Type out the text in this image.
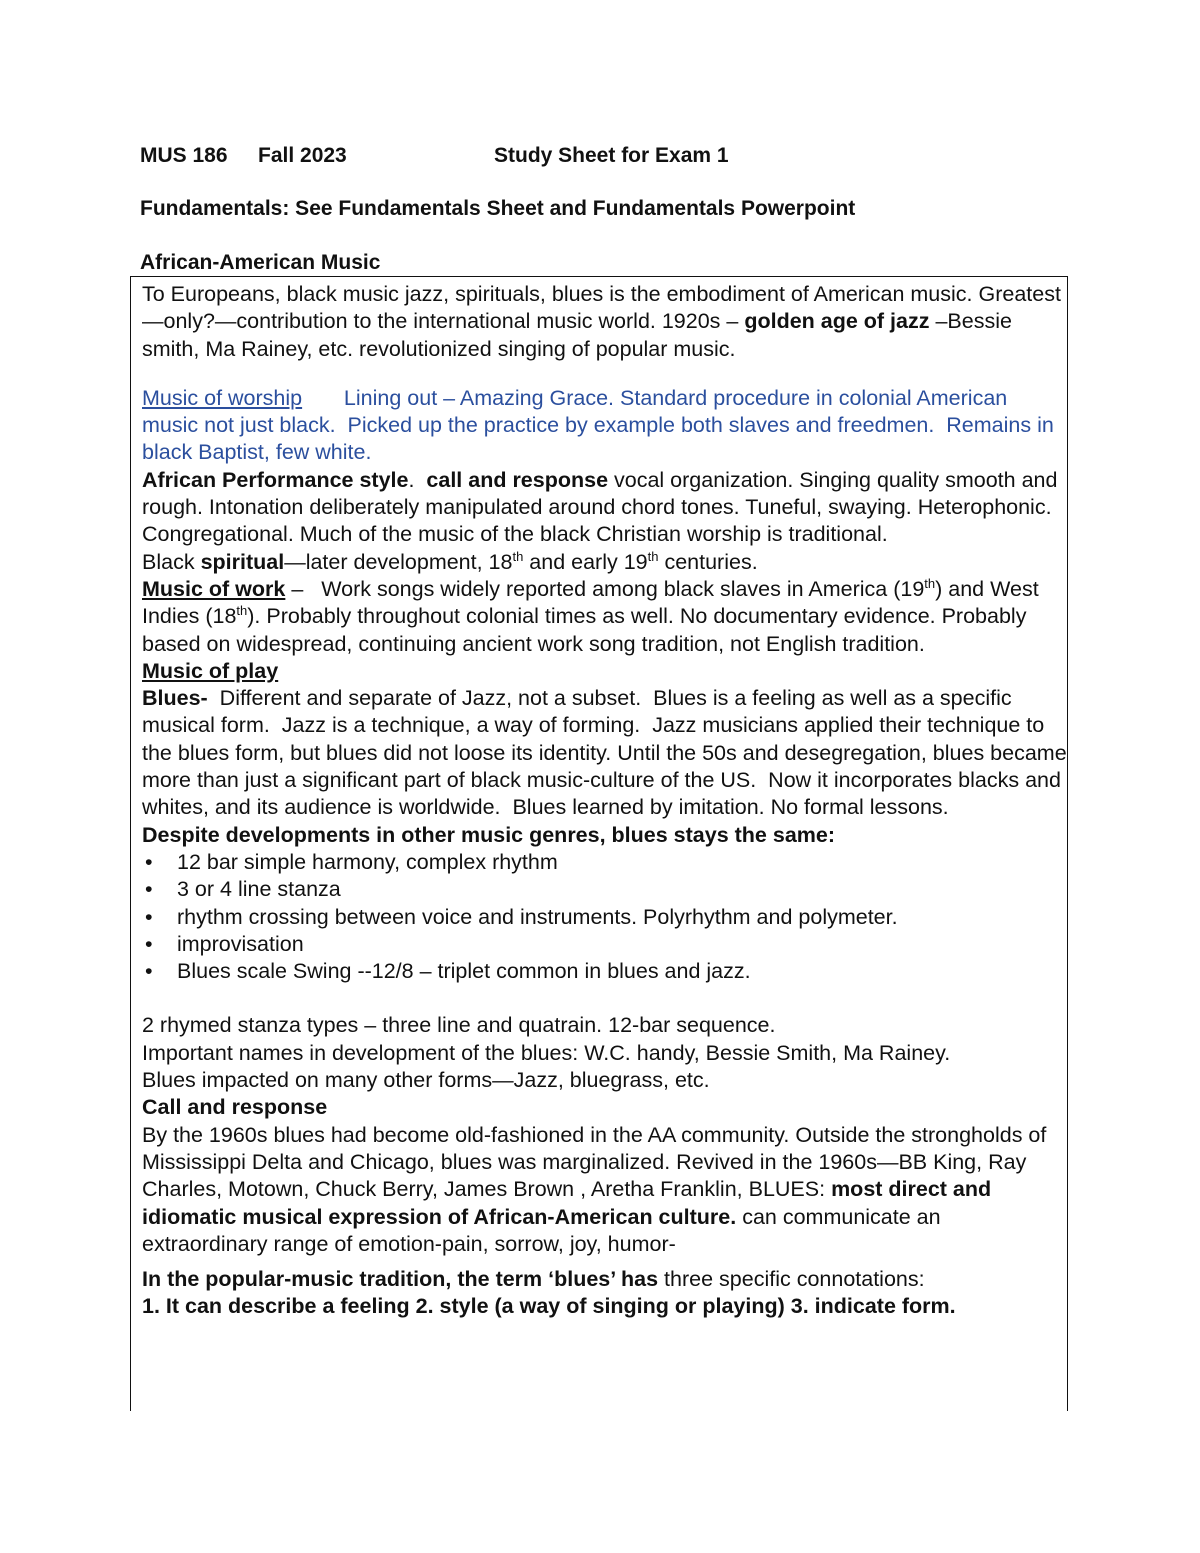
MUS 186 Fall 2023	Study Sheet for Exam 1
Fundamentals: See Fundamentals Sheet and Fundamentals Powerpoint
African-American Music

To Europeans, black music jazz, spirituals, blues is the embodiment of American music. Greatest—only?—contribution to the international music world. 1920s – golden age of jazz –Bessie smith, Ma Rainey, etc. revolutionized singing of popular music.

Music of worship       Lining out – Amazing Grace. Standard procedure in colonial American music not just black.  Picked up the practice by example both slaves and freedmen.  Remains in black Baptist, few white.

African Performance style.  call and response vocal organization. Singing quality smooth and rough. Intonation deliberately manipulated around chord tones. Tuneful, swaying. Heterophonic. Congregational. Much of the music of the black Christian worship is traditional.

Black spiritual—later development, 18th and early 19th centuries.

Music of work –   Work songs widely reported among black slaves in America (19th) and West Indies (18th). Probably throughout colonial times as well. No documentary evidence. Probably based on widespread, continuing ancient work song tradition, not English tradition.

Music of play

Blues-  Different and separate of Jazz, not a subset.  Blues is a feeling as well as a specific musical form.  Jazz is a technique, a way of forming.  Jazz musicians applied their technique to the blues form, but blues did not loose its identity. Until the 50s and desegregation, blues became more than just a significant part of black music-culture of the US.  Now it incorporates blacks and whites, and its audience is worldwide.  Blues learned by imitation. No formal lessons.

Despite developments in other music genres, blues stays the same:

• 12 bar simple harmony, complex rhythm
• 3 or 4 line stanza
• rhythm crossing between voice and instruments. Polyrhythm and polymeter.
• improvisation
• Blues scale Swing --12/8 – triplet common in blues and jazz.

2 rhymed stanza types – three line and quatrain. 12-bar sequence.

Important names in development of the blues: W.C. handy, Bessie Smith, Ma Rainey.

Blues impacted on many other forms—Jazz, bluegrass, etc.

Call and response

By the 1960s blues had become old-fashioned in the AA community. Outside the strongholds of Mississippi Delta and Chicago, blues was marginalized. Revived in the 1960s—BB King, Ray Charles, Motown, Chuck Berry, James Brown , Aretha Franklin, BLUES: most direct and idiomatic musical expression of African-American culture. can communicate an extraordinary range of emotion-pain, sorrow, joy, humor-

In the popular-music tradition, the term ‘blues’ has three specific connotations:

1. It can describe a feeling 2. style (a way of singing or playing) 3. indicate form.
